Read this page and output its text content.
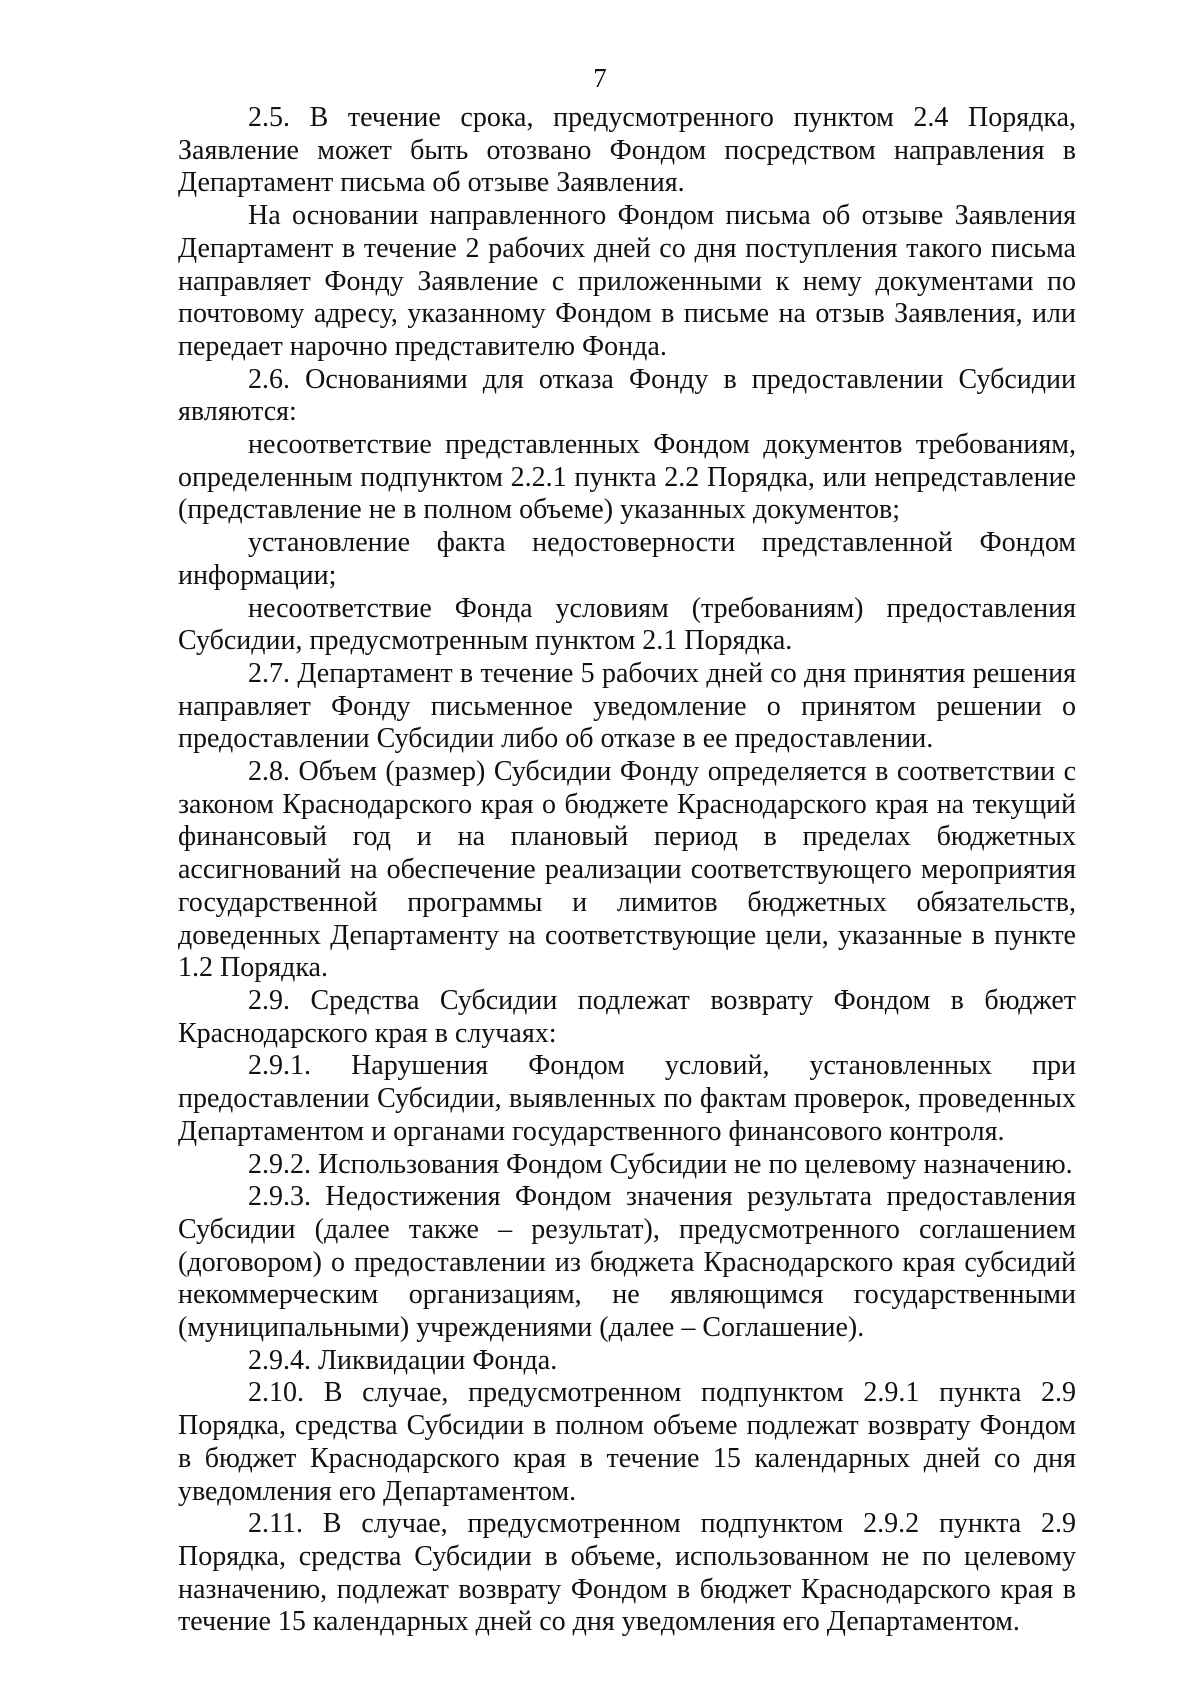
7

2.5. В течение срока, предусмотренного пунктом 2.4 Порядка, Заявление может быть отозвано Фондом посредством направления в Департамент письма об отзыве Заявления.

На основании направленного Фондом письма об отзыве Заявления Департамент в течение 2 рабочих дней со дня поступления такого письма направляет Фонду Заявление с приложенными к нему документами по почтовому адресу, указанному Фондом в письме на отзыв Заявления, или передает нарочно представителю Фонда.

2.6. Основаниями для отказа Фонду в предоставлении Субсидии являются:

несоответствие представленных Фондом документов требованиям, определенным подпунктом 2.2.1 пункта 2.2 Порядка, или непредставление (представление не в полном объеме) указанных документов;

установление факта недостоверности представленной Фондом информации;

несоответствие Фонда условиям (требованиям) предоставления Субсидии, предусмотренным пунктом 2.1 Порядка.

2.7. Департамент в течение 5 рабочих дней со дня принятия решения направляет Фонду письменное уведомление о принятом решении о предоставлении Субсидии либо об отказе в ее предоставлении.

2.8. Объем (размер) Субсидии Фонду определяется в соответствии с законом Краснодарского края о бюджете Краснодарского края на текущий финансовый год и на плановый период в пределах бюджетных ассигнований на обеспечение реализации соответствующего мероприятия государственной программы и лимитов бюджетных обязательств, доведенных Департаменту на соответствующие цели, указанные в пункте 1.2 Порядка.

2.9. Средства Субсидии подлежат возврату Фондом в бюджет Краснодарского края в случаях:

2.9.1. Нарушения Фондом условий, установленных при предоставлении Субсидии, выявленных по фактам проверок, проведенных Департаментом и органами государственного финансового контроля.

2.9.2. Использования Фондом Субсидии не по целевому назначению.

2.9.3. Недостижения Фондом значения результата предоставления Субсидии (далее также – результат), предусмотренного соглашением (договором) о предоставлении из бюджета Краснодарского края субсидий некоммерческим организациям, не являющимся государственными (муниципальными) учреждениями (далее – Соглашение).

2.9.4. Ликвидации Фонда.

2.10. В случае, предусмотренном подпунктом 2.9.1 пункта 2.9 Порядка, средства Субсидии в полном объеме подлежат возврату Фондом в бюджет Краснодарского края в течение 15 календарных дней со дня уведомления его Департаментом.

2.11. В случае, предусмотренном подпунктом 2.9.2 пункта 2.9 Порядка, средства Субсидии в объеме, использованном не по целевому назначению, подлежат возврату Фондом в бюджет Краснодарского края в течение 15 календарных дней со дня уведомления его Департаментом.
